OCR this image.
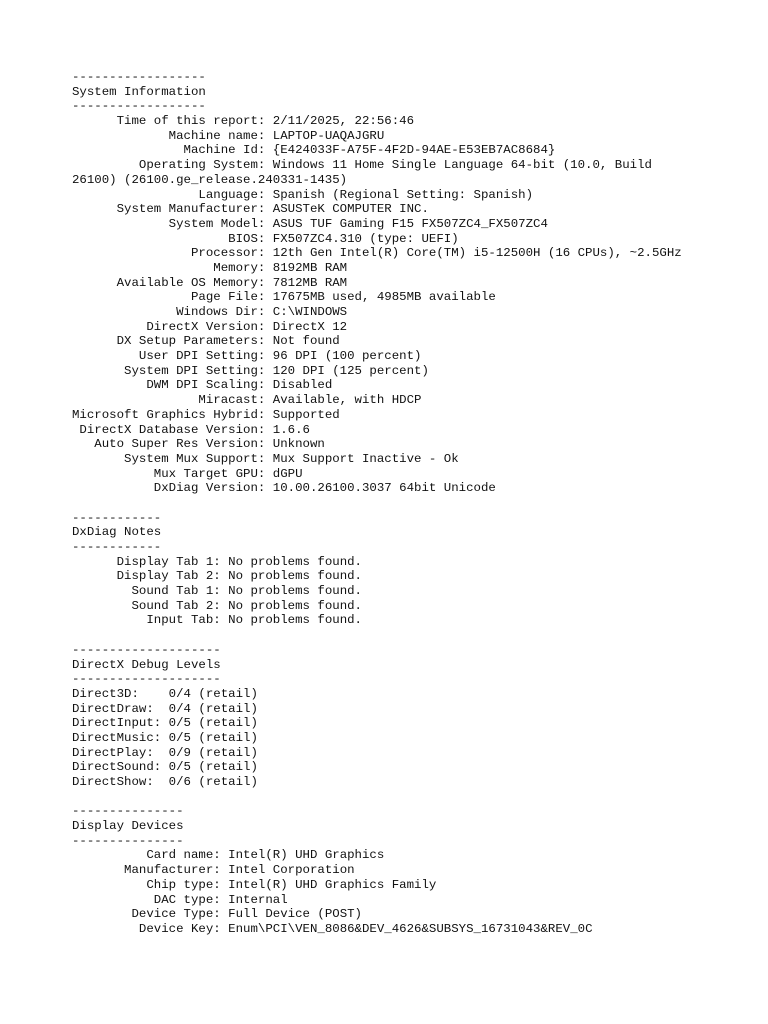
------------------
System Information
------------------
Time of this report: 2/11/2025, 22:56:46
Machine name: LAPTOP-UAQAJGRU
Machine Id: {E424033F-A75F-4F2D-94AE-E53EB7AC8684}
Operating System: Windows 11 Home Single Language 64-bit (10.0, Build
26100) (26100.ge_release.240331-1435)
Language: Spanish (Regional Setting: Spanish)
System Manufacturer: ASUSTeK COMPUTER INC.
System Model: ASUS TUF Gaming F15 FX507ZC4_FX507ZC4
BIOS: FX507ZC4.310 (type: UEFI)
Processor: 12th Gen Intel(R) Core(TM) i5-12500H (16 CPUs), ~2.5GHz
Memory: 8192MB RAM
Available OS Memory: 7812MB RAM
Page File: 17675MB used, 4985MB available
Windows Dir: C:\WINDOWS
DirectX Version: DirectX 12
DX Setup Parameters: Not found
User DPI Setting: 96 DPI (100 percent)
System DPI Setting: 120 DPI (125 percent)
DWM DPI Scaling: Disabled
Miracast: Available, with HDCP
Microsoft Graphics Hybrid: Supported
DirectX Database Version: 1.6.6
Auto Super Res Version: Unknown
System Mux Support: Mux Support Inactive - Ok
Mux Target GPU: dGPU
DxDiag Version: 10.00.26100.3037 64bit Unicode
------------
DxDiag Notes
------------
Display Tab 1: No problems found.
Display Tab 2: No problems found.
Sound Tab 1: No problems found.
Sound Tab 2: No problems found.
Input Tab: No problems found.
--------------------
DirectX Debug Levels
--------------------
Direct3D:    0/4 (retail)
DirectDraw:  0/4 (retail)
DirectInput: 0/5 (retail)
DirectMusic: 0/5 (retail)
DirectPlay:  0/9 (retail)
DirectSound: 0/5 (retail)
DirectShow:  0/6 (retail)
---------------
Display Devices
---------------
Card name: Intel(R) UHD Graphics
Manufacturer: Intel Corporation
Chip type: Intel(R) UHD Graphics Family
DAC type: Internal
Device Type: Full Device (POST)
Device Key: Enum\PCI\VEN_8086&DEV_4626&SUBSYS_16731043&REV_0C
